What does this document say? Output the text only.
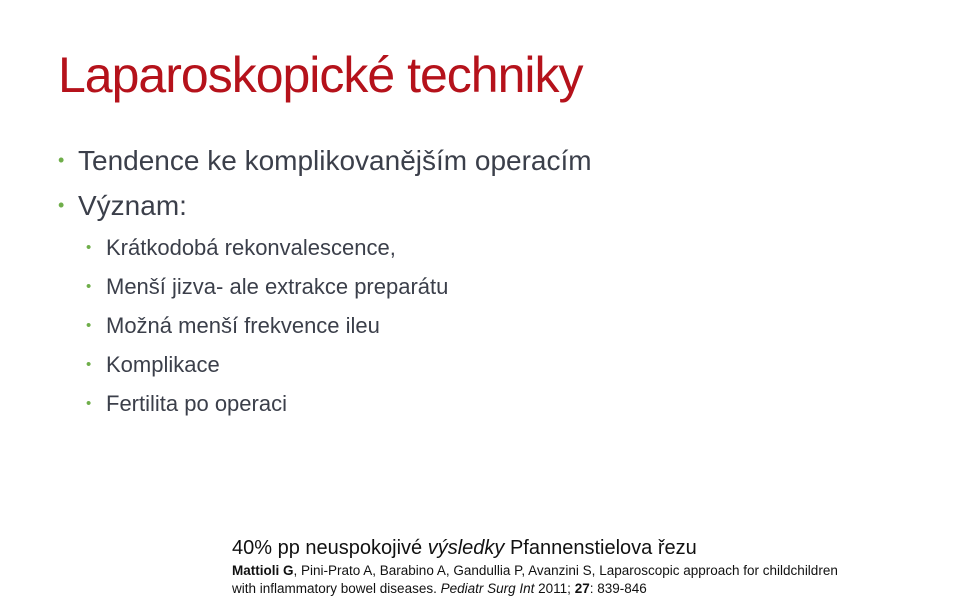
Laparoskopické techniky
• Tendence ke komplikovanějším operacím
• Význam:
• Krátkodobá rekonvalescence,
• Menší jizva- ale extrakce preparátu
• Možná menší frekvence ileu
• Komplikace
• Fertilita po operaci
40% pp neuspokojivé výsledky Pfannenstielova řezu
Mattioli G, Pini-Prato A, Barabino A, Gandullia P, Avanzini S, Laparoscopic approach for childchildren
with inflammatory bowel diseases. Pediatr Surg Int 2011; 27: 839-846
